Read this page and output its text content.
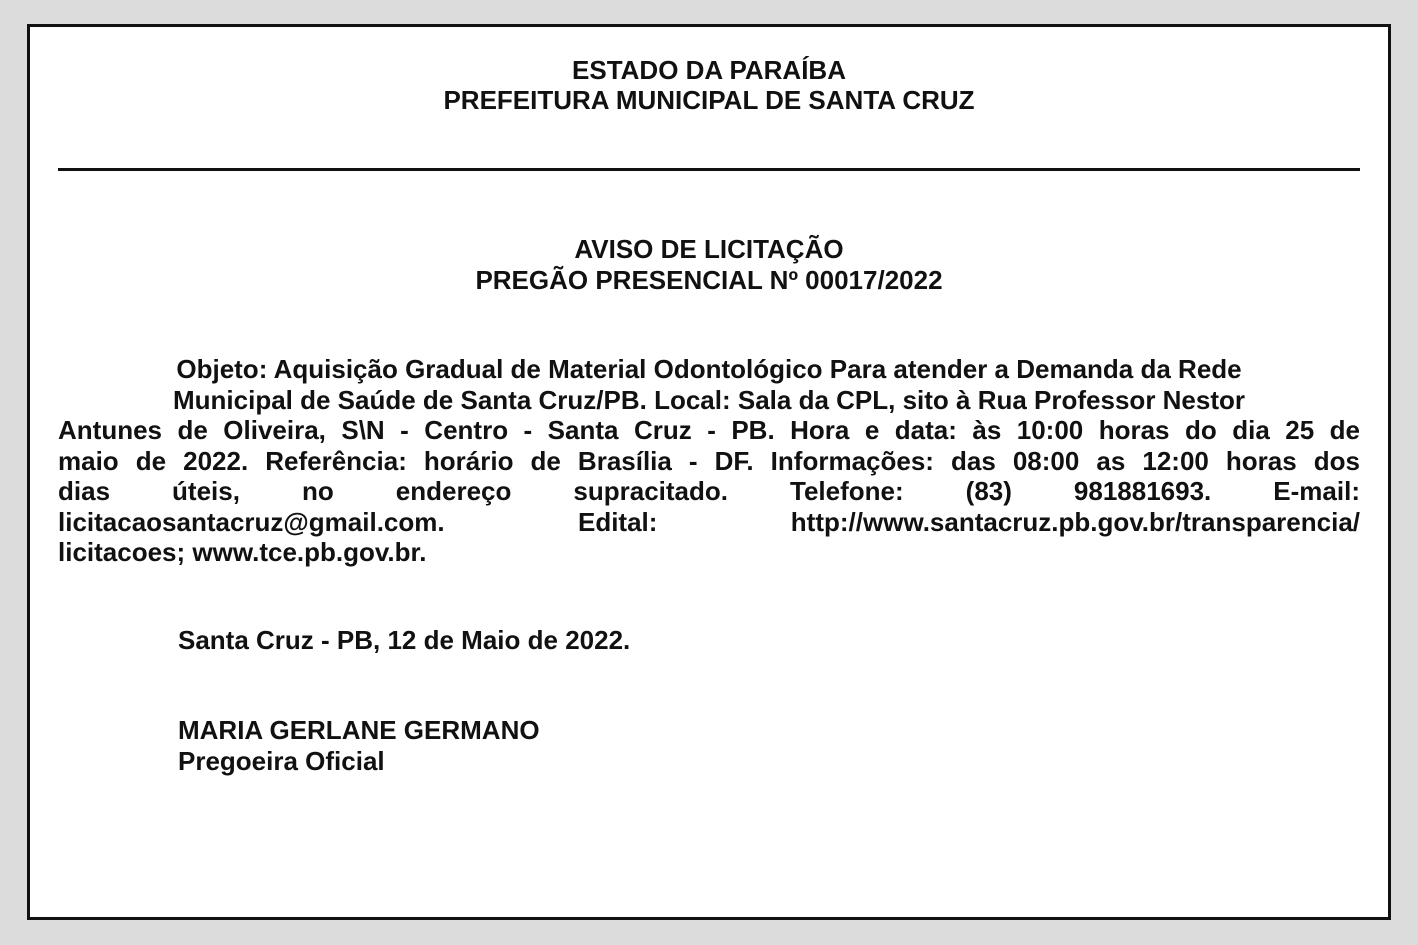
ESTADO DA PARAÍBA
PREFEITURA MUNICIPAL DE SANTA CRUZ
AVISO DE LICITAÇÃO
PREGÃO PRESENCIAL Nº 00017/2022
Objeto: Aquisição Gradual de Material Odontológico Para atender a Demanda da Rede
Municipal de Saúde de Santa Cruz/PB. Local: Sala da CPL, sito à Rua Professor Nestor
Antunes de Oliveira, S\N - Centro - Santa Cruz - PB. Hora e data: às 10:00 horas do dia 25 de
maio de 2022. Referência: horário de Brasília - DF. Informações: das 08:00 as 12:00 horas dos
dias úteis, no endereço supracitado. Telefone: (83) 981881693. E-mail:
licitacaosantacruz@gmail.com. Edital: http://www.santacruz.pb.gov.br/transparencia/
licitacoes; www.tce.pb.gov.br.
Santa Cruz - PB, 12 de Maio de 2022.
MARIA GERLANE GERMANO
Pregoeira Oficial
